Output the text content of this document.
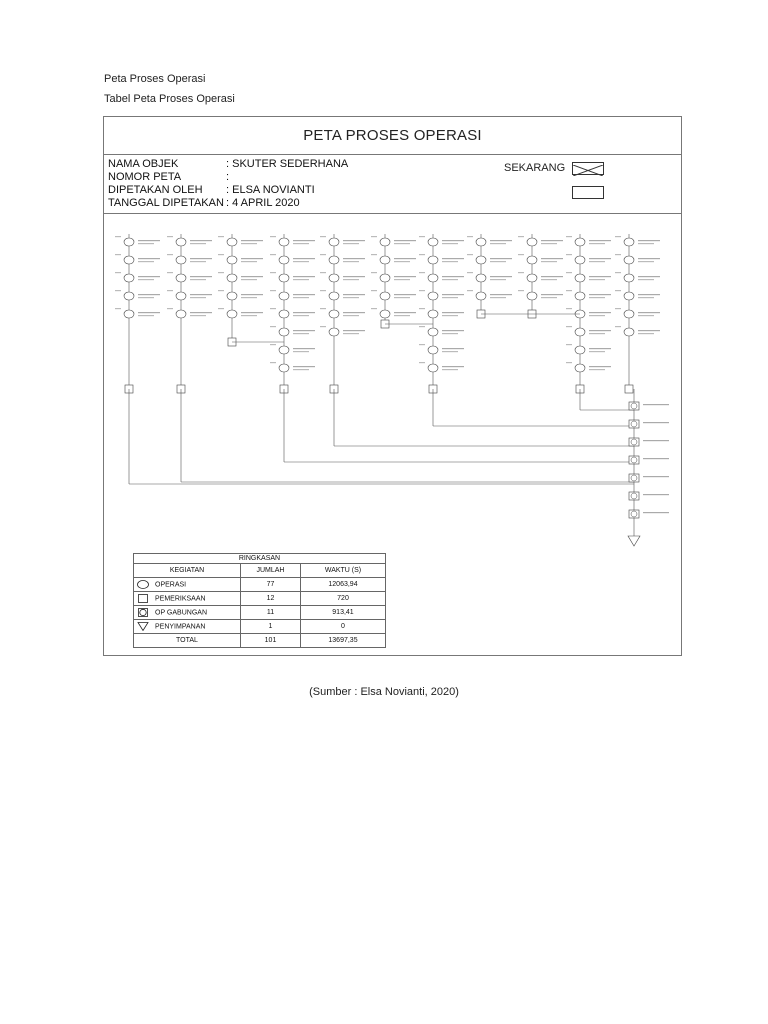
Peta Proses Operasi
Tabel Peta Proses Operasi
PETA PROSES OPERASI
NAMA OBJEK	: SKUTER SEDERHANA
NOMOR PETA	:
DIPETAKAN OLEH : ELSA NOVIANTI
TANGGAL DIPETAKAN : 4 APRIL 2020
SEKARANG
RINGKASAN		
KEGIATAN	JUMLAH	WAKTU (S)
OPERASI	77	12063,94
PEMERIKSAAN	12	720
OP GABUNGAN	11	913,41
PENYIMPANAN	1	0
TOTAL	101	13697,35
(Sumber : Elsa Novianti, 2020)
